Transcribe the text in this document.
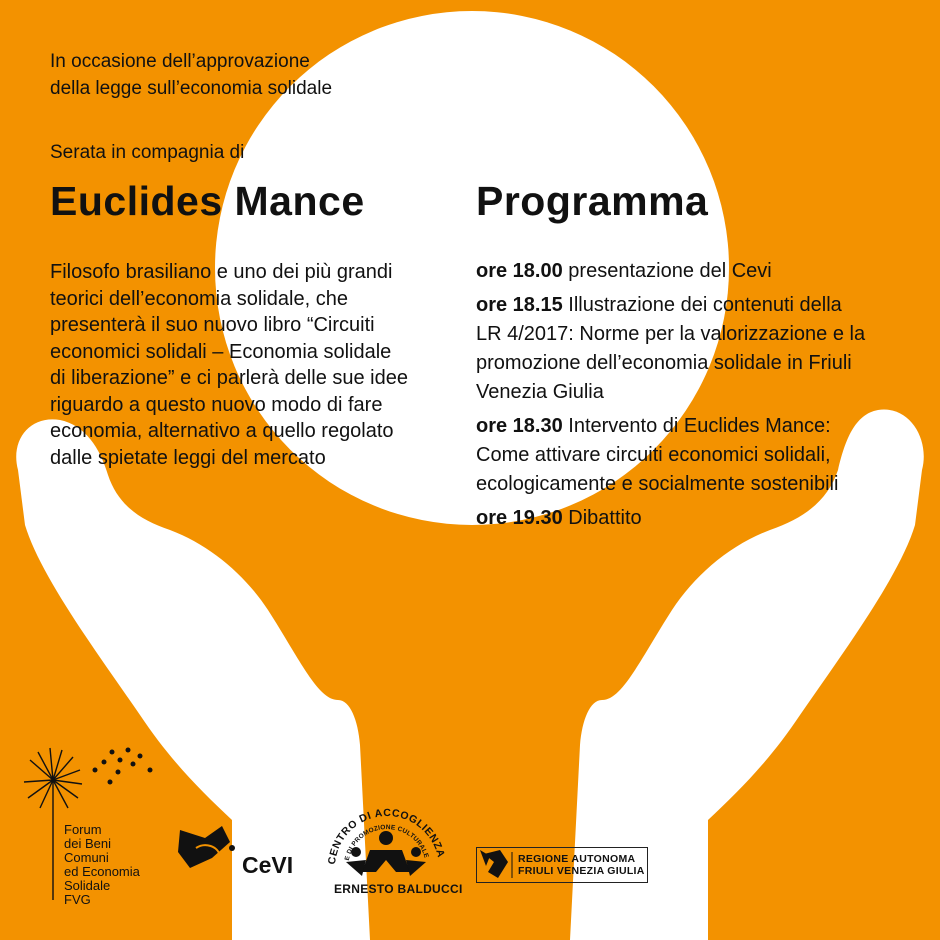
CENTRO DI ACCOGLIENZA
E DI PROMOZIONE CULTURALE

In occasione dell’approvazione

della legge sull’economia solidale

Serata in compagnia di
Euclides Mance	Programma
Filosofo brasiliano e uno dei più grandi
teorici dell’economia solidale, che
presenterà il suo nuovo libro “Circuiti
economici solidali – Economia solidale
di liberazione” e ci parlerà delle sue idee
riguardo a questo nuovo modo di fare
economia, alternativo a quello regolato
dalle spietate leggi del mercato
ore 18.00 presentazione del Cevi
ore 18.15 Illustrazione dei contenuti della
LR 4/2017: Norme per la valorizzazione e la
promozione dell’economia solidale in Friuli
Venezia Giulia
ore 18.30 Intervento di Euclides Mance:
Come attivare circuiti economici solidali,
ecologicamente e socialmente sostenibili
ore 19.30 Dibattito
Forum
dei Beni
Comuni
ed Economia
Solidale
FVG
CeVI
ERNESTO BALDUCCI
REGIONE AUTONOMA
FRIULI VENEZIA GIULIA
